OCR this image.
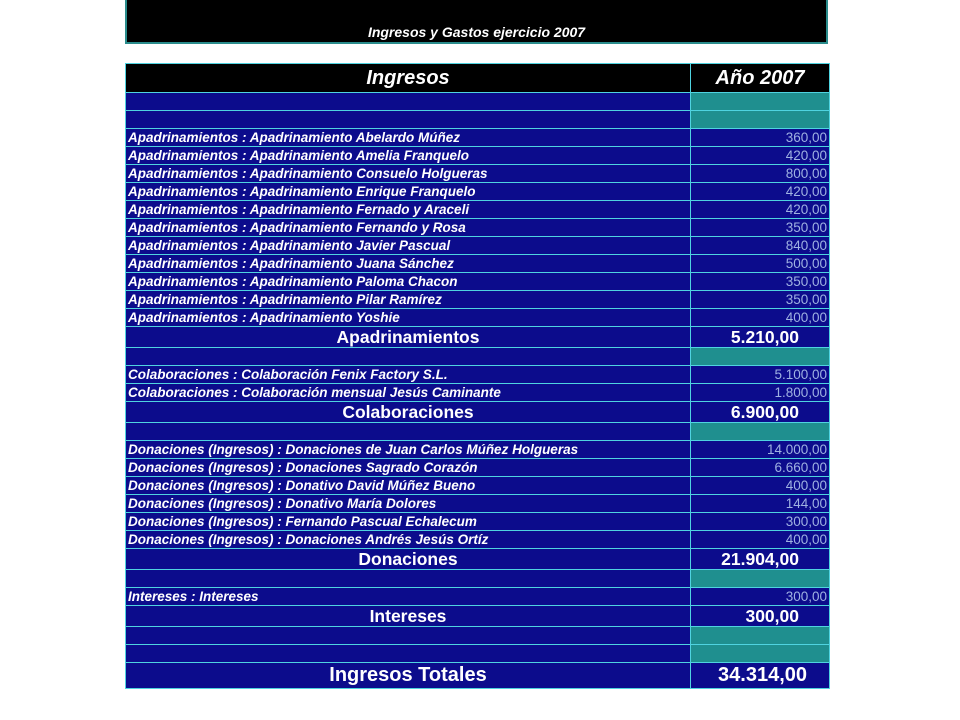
Ingresos y Gastos ejercicio 2007
Ingresos	Año 2007

Apadrinamientos : Apadrinamiento Abelardo Múñez	360,00
Apadrinamientos : Apadrinamiento Amelia Franquelo	420,00
Apadrinamientos : Apadrinamiento Consuelo Holgueras	800,00
Apadrinamientos : Apadrinamiento Enrique Franquelo	420,00
Apadrinamientos : Apadrinamiento Fernado y Araceli	420,00
Apadrinamientos : Apadrinamiento Fernando y Rosa	350,00
Apadrinamientos : Apadrinamiento Javier Pascual	840,00
Apadrinamientos : Apadrinamiento Juana Sánchez	500,00
Apadrinamientos : Apadrinamiento Paloma Chacon	350,00
Apadrinamientos : Apadrinamiento Pilar Ramírez	350,00
Apadrinamientos : Apadrinamiento Yoshie	400,00
Apadrinamientos	5.210,00

Colaboraciones : Colaboración Fenix Factory S.L.	5.100,00
Colaboraciones : Colaboración mensual Jesús Caminante	1.800,00
Colaboraciones	6.900,00

Donaciones (Ingresos) : Donaciones de Juan Carlos Múñez Holgueras	14.000,00
Donaciones (Ingresos) : Donaciones Sagrado Corazón	6.660,00
Donaciones (Ingresos) : Donativo David Múñez Bueno	400,00
Donaciones (Ingresos) : Donativo María Dolores	144,00
Donaciones (Ingresos) : Fernando Pascual Echalecum	300,00
Donaciones (Ingresos) : Donaciones Andrés Jesús Ortíz	400,00
Donaciones	21.904,00

Intereses : Intereses	300,00
Intereses	300,00

Ingresos Totales	34.314,00
